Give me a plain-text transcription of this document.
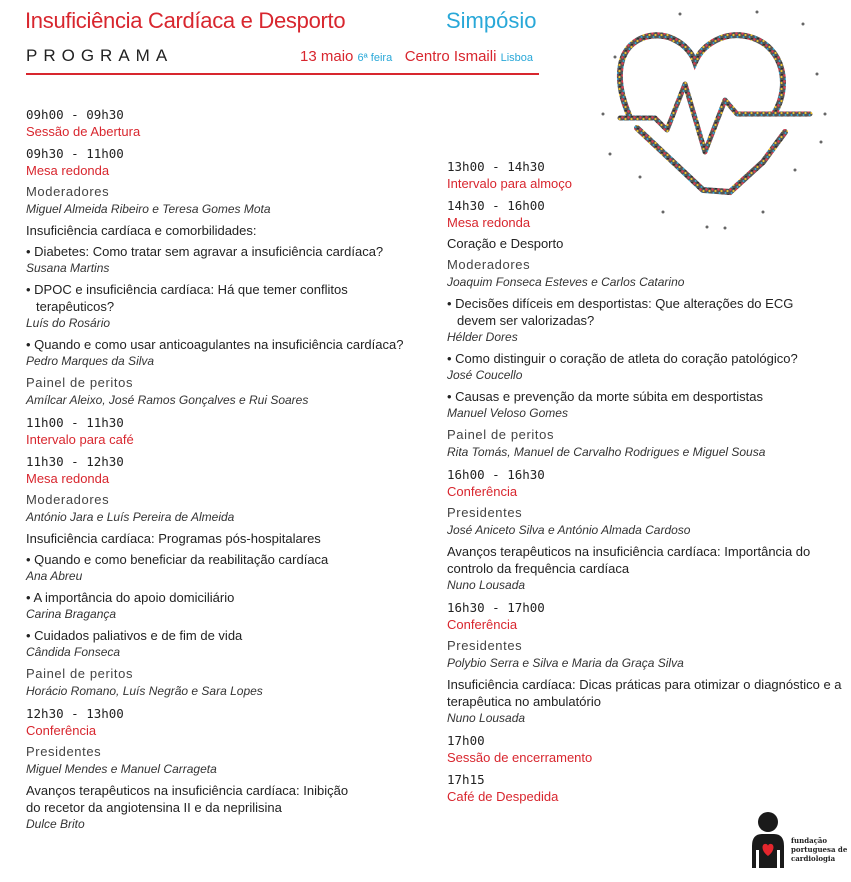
Insuficiência Cardíaca e Desporto	Simpósio
PROGRAMA	13 maio 6ª feira Centro Ismaili Lisboa
09h00 - 09h30
Sessão de Abertura
09h30 - 11h00
Mesa redonda
Moderadores
Miguel Almeida Ribeiro e Teresa Gomes Mota
Insuficiência cardíaca e comorbilidades:
• Diabetes: Como tratar sem agravar a insuficiência cardíaca?
Susana Martins
• DPOC e insuficiência cardíaca: Há que temer conflitos terapêuticos?
Luís do Rosário
• Quando e como usar anticoagulantes na insuficiência cardíaca?
Pedro Marques da Silva
Painel de peritos
Amílcar Aleixo, José Ramos Gonçalves e Rui Soares
11h00 - 11h30
Intervalo para café
11h30 - 12h30
Mesa redonda
Moderadores
António Jara e Luís Pereira de Almeida
Insuficiência cardíaca: Programas pós-hospitalares
• Quando e como beneficiar da reabilitação cardíaca
Ana Abreu
• A importância do apoio domiciliário
Carina Bragança
• Cuidados paliativos e de fim de vida
Cândida Fonseca
Painel de peritos
Horácio Romano, Luís Negrão e Sara Lopes
12h30 - 13h00
Conferência
Presidentes
Miguel Mendes e Manuel Carrageta
Avanços terapêuticos na insuficiência cardíaca: Inibição do recetor da angiotensina II e da neprilisina
Dulce Brito
13h00 - 14h30
Intervalo para almoço
14h30 - 16h00
Mesa redonda
Coração e Desporto
Moderadores
Joaquim Fonseca Esteves e Carlos Catarino
• Decisões difíceis em desportistas: Que alterações do ECG devem ser valorizadas?
Hélder Dores
• Como distinguir o coração de atleta do coração patológico?
José Coucello
• Causas e prevenção da morte súbita em desportistas
Manuel Veloso Gomes
Painel de peritos
Rita Tomás, Manuel de Carvalho Rodrigues e Miguel Sousa
16h00 - 16h30
Conferência
Presidentes
José Aniceto Silva e António Almada Cardoso
Avanços terapêuticos na insuficiência cardíaca: Importância do controlo da frequência cardíaca
Nuno Lousada
16h30 - 17h00
Conferência
Presidentes
Polybio Serra e Silva e Maria da Graça Silva
Insuficiência cardíaca: Dicas práticas para otimizar o diagnóstico e a terapêutica no ambulatório
Nuno Lousada
17h00
Sessão de encerramento
17h15
Café de Despedida
fundação
portuguesa de
cardiologia
